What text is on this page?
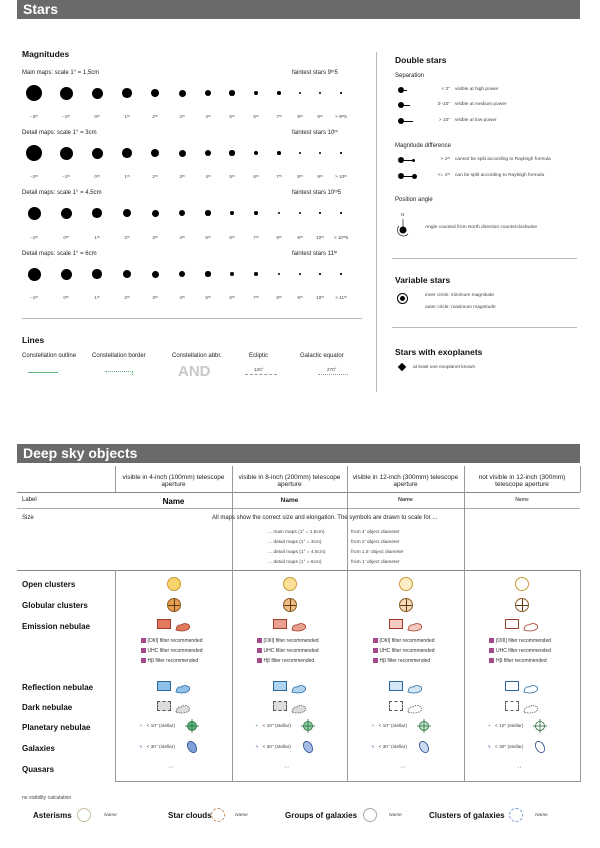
Stars
Magnitudes
Main maps: scale 1° = 1,5cm	faintest stars 9ᵐ5
−2ᵐ	−1ᵐ	0ᵐ	1ᵐ	2ᵐ	3ᵐ	4ᵐ	5ᵐ	6ᵐ	7ᵐ	8ᵐ	9ᵐ	> 9ᵐ5
Detail maps: scale 1° = 3cm	faintest stars 10ᵐ
−2ᵐ	−1ᵐ	0ᵐ	1ᵐ	2ᵐ	3ᵐ	4ᵐ	5ᵐ	6ᵐ	7ᵐ	8ᵐ	9ᵐ	> 10ᵐ
Detail maps: scale 1° = 4,5cm	faintest stars 10ᵐ5
−1ᵐ	0ᵐ	1ᵐ	2ᵐ	3ᵐ	4ᵐ	5ᵐ	6ᵐ	7ᵐ	8ᵐ	9ᵐ	10ᵐ	> 10ᵐ5
Detail maps: scale 1° = 6cm	faintest stars 11ᵐ
−1ᵐ	0ᵐ	1ᵐ	2ᵐ	3ᵐ	4ᵐ	5ᵐ	6ᵐ	7ᵐ	8ᵐ	9ᵐ	10ᵐ	> 11ᵐ
Lines
Constellation outline	Constellation border	Constellation abbr.	Ecliptic	Galactic equator
AND	120°	270°
Double stars
Separation
< 2" visible at high power
2–10" visible at medium power
> 10" visible at low power
Magnitude difference
> 1ᵐ cannot be split according to Rayleigh formula
<= 1ᵐ can be split according to Rayleigh formula
Position angle
N
Angle counted from North direction counterclockwise
Variable stars
inner circle: minimum magnitude
outer circle: maximum magnitude
Stars with exoplanets
at least one exoplanet known
Deep sky objects
visible in 4-inch (100mm) telescope aperture
Name
visible in 8-inch (200mm) telescope aperture
Name
visible in 12-inch (300mm) telescope aperture
Name
not visible in 12-inch (300mm) telescope aperture
Name
Label
Size	All maps show the correct size and elongation. The symbols are drawn to scale for ...
... main maps (1° = 1,5cm)	from 4' object diameter
... detail maps (1° = 3cm)	from 2' object diameter
... detail maps (1° = 4,5cm)	from 1,5' object diameter
... detail maps (1° = 6cm)	from 1' object diameter
Open clusters
Globular clusters
Emission nebulae
Reflection nebulae
Dark nebulae
Planetary nebulae
Galaxies
Quasars
[OIII] filter recommended
UHC filter recommended
Hβ filter recommended
+ < 10" (stellar)
ϟ < 30" (stellar)
··
[OIII] filter recommended
UHC filter recommended
Hβ filter recommended
+ < 10" (stellar)
ϟ < 30" (stellar)
··
[OIII] filter recommended
UHC filter recommended
Hβ filter recommended
+ < 10" (stellar)
ϟ < 30" (stellar)
··
[OIII] filter recommended
UHC filter recommended
Hβ filter recommended
+ < 10" (stellar)
ϟ < 30" (stellar)
··
no visibility calculation
Asterisms	Name	Star clouds	Name	Groups of galaxies	Name	Clusters of galaxies	Name
